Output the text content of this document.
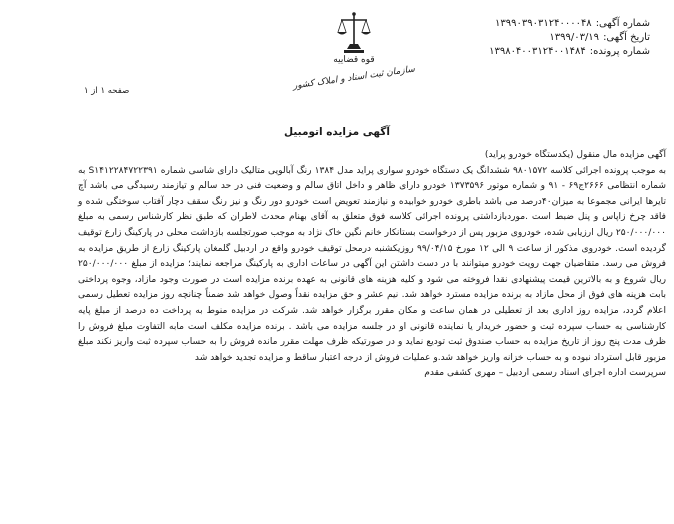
قوه قضاییه
سازمان ثبت اسناد و املاک کشور
شماره آگهی:
۱۳۹۹۰۳۹۰۳۱۲۴۰۰۰۰۴۸
تاریخ آگهی:
۱۳۹۹/۰۳/۱۹
شماره پرونده:
۱۳۹۸۰۴۰۰۳۱۲۴۰۰۱۴۸۴
صفحه ۱ از ۱
آگهی مزایده اتومبیل

آگهی مزایده مال منقول (یکدستگاه خودرو پراید)

به موجب پرونده اجرائی کلاسه ۹۸۰۱۵۷۲ ششدانگ یک دستگاه خودرو سواری پراید مدل ۱۳۸۴ رنگ آبالویی متالیک دارای شاسی شماره S۱۴۱۲۲۸۴۷۲۲۳۹۱ به شماره انتظامی ۲۶۶۶ج۶۹ - ۹۱ و شماره موتور ۱۳۷۳۵۹۶ خودرو دارای ظاهر و داخل اتاق سالم و وضعیت فنی در حد سالم و تیازمند رسیدگی می باشد آچ تایرها ایرانی مجموعا به میزان۴۰درصد می باشد باطری خودرو خوابیده و نیازمند تعویض است خودرو دور رنگ و نیز رنگ سقف دچار آفتاب سوختگی شده و فاقد چرخ زاپاس و پنل ضبط است .موردبازداشتی پرونده اجرائی کلاسه فوق متعلق به آقای بهنام محدث لاطران که طبق نظر کارشناس رسمی به مبلغ ۲۵۰/۰۰۰/۰۰۰ ریال ارزیابی شده، خودروی مزبور پس از درخواست بستانکار خانم نگین خاک نژاد به موجب صورتجلسه بازداشت محلی در پارکینگ زارع توقیف گردیده است. خودروی مذکور از ساعت ۹ الی ۱۲ مورخ ۹۹/۰۴/۱۵ روزیکشنبه درمحل توقیف خودرو واقع در اردبیل گلمغان پارکینگ زارع از طریق مزایده به فروش می رسد. متقاضیان جهت رویت خودرو میتوانند با در دست داشتن این آگهی در ساعات اداری به پارکینگ مراجعه نمایند؛ مزایده از مبلغ ۲۵۰/۰۰۰/۰۰۰ ریال شروع و به بالاترین قیمت پیشنهادی نقدا فروخته می شود و کلیه هزینه های قانونی به عهده برنده مزایده است در صورت وجود مازاد، وجوه پرداختی بابت هزینه های فوق از محل مازاد به برنده مزایده مسترد خواهد شد. نیم عشر و حق مزایده نقداً وصول خواهد شد ضمناً چنانچه روز مزایده تعطیل رسمی اعلام گردد، مزایده روز اداری بعد از تعطیلی در همان ساعت و مکان مقرر برگزار خواهد شد. شرکت در مزایده منوط به پرداخت ده درصد از مبلغ پایه کارشناسی به حساب سپرده ثبت و حضور خریدار یا نماینده قانونی او در جلسه مزایده می باشد . برنده مزایده مکلف است مابه التفاوت مبلغ فروش را ظرف مدت پنج روز از تاریخ مزایده به حساب صندوق ثبت تودیع نماید و در صورتیکه ظرف مهلت مقرر مانده فروش را به حساب سپرده ثبت واریز نکند مبلغ مزبور قابل استرداد نبوده و به حساب خزانه واریز خواهد شد.و عملیات فروش از درجه اعتبار ساقط و مزایده تجدید خواهد شد

سرپرست اداره اجرای اسناد رسمی اردبیل – مهری کشفی مقدم
